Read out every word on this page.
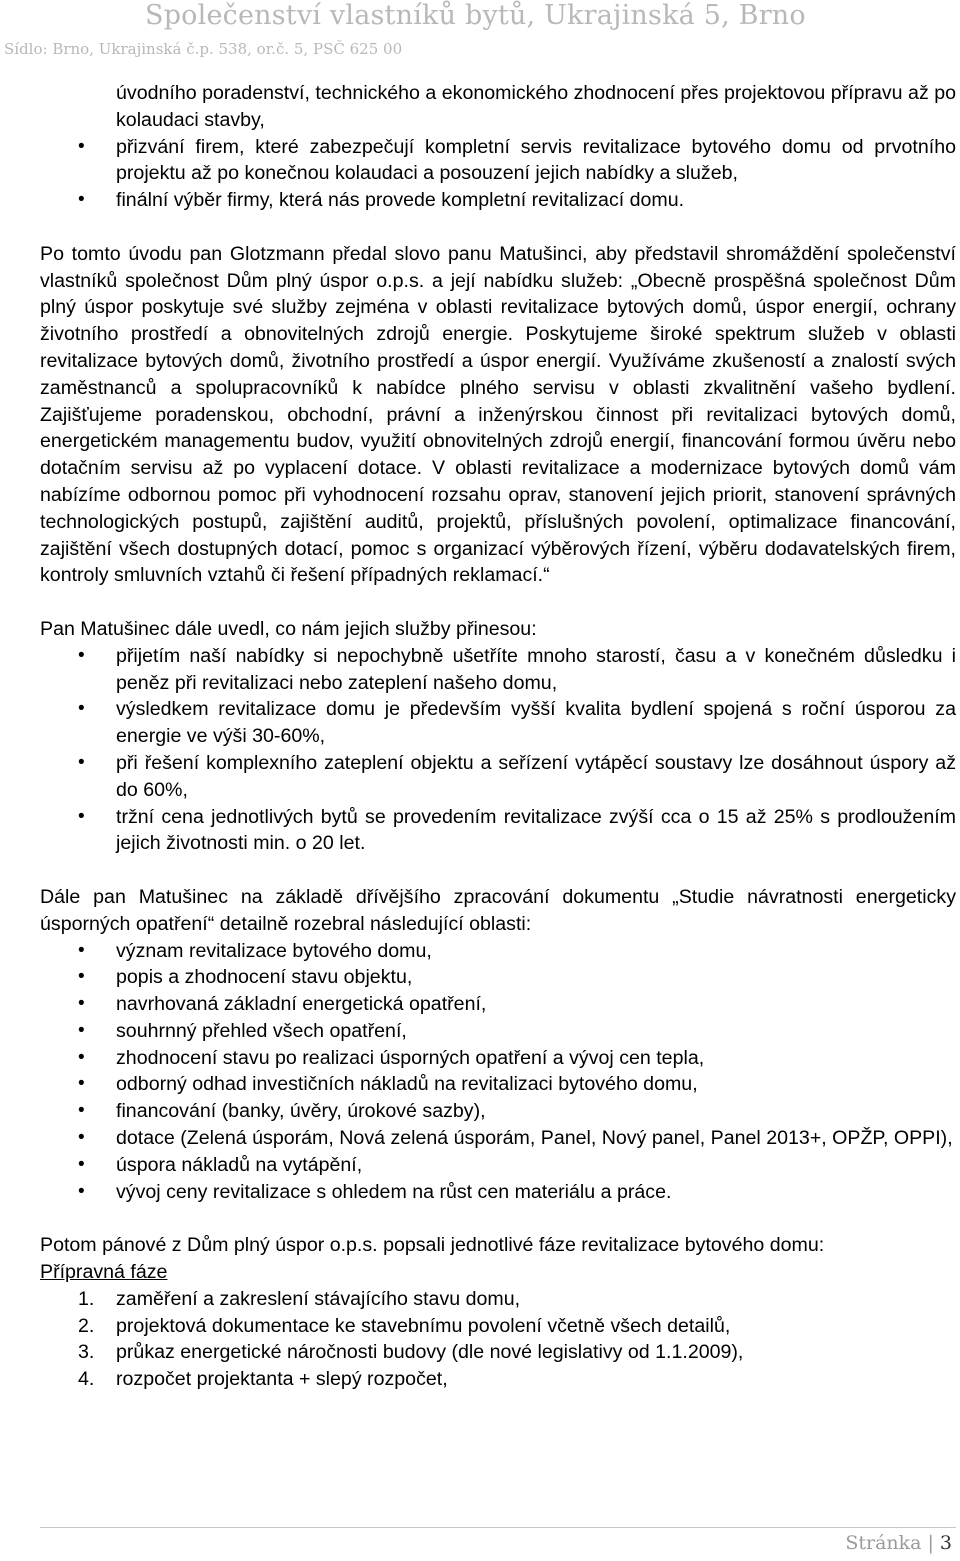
Společenství vlastníků bytů, Ukrajinská 5, Brno
Sídlo: Brno, Ukrajinská č.p. 538, or.č. 5, PSČ 625 00

úvodního poradenství, technického a ekonomického zhodnocení přes projektovou přípravu až po kolaudaci stavby,

• přizvání firem, které zabezpečují kompletní servis revitalizace bytového domu od prvotního projektu až po konečnou kolaudaci a posouzení jejich nabídky a služeb,
• finální výběr firmy, která nás provede kompletní revitalizací domu.

Po tomto úvodu pan Glotzmann předal slovo panu Matušinci, aby představil shromáždění společenství vlastníků společnost Dům plný úspor o.p.s. a její nabídku služeb: „Obecně prospěšná společnost Dům plný úspor poskytuje své služby zejména v oblasti revitalizace bytových domů, úspor energií, ochrany životního prostředí a obnovitelných zdrojů energie. Poskytujeme široké spektrum služeb v oblasti revitalizace bytových domů, životního prostředí a úspor energií. Využíváme zkušeností a znalostí svých zaměstnanců a spolupracovníků k nabídce plného servisu v oblasti zkvalitnění vašeho bydlení. Zajišťujeme poradenskou, obchodní, právní a inženýrskou činnost při revitalizaci bytových domů, energetickém managementu budov, využití obnovitelných zdrojů energií, financování formou úvěru nebo dotačním servisu až po vyplacení dotace. V oblasti revitalizace a modernizace bytových domů vám nabízíme odbornou pomoc při vyhodnocení rozsahu oprav, stanovení jejich priorit, stanovení správných technologických postupů, zajištění auditů, projektů, příslušných povolení, optimalizace financování, zajištění všech dostupných dotací, pomoc s organizací výběrových řízení, výběru dodavatelských firem, kontroly smluvních vztahů či řešení případných reklamací.“

Pan Matušinec dále uvedl, co nám jejich služby přinesou:

• přijetím naší nabídky si nepochybně ušetříte mnoho starostí, času a v konečném důsledku i peněz při revitalizaci nebo zateplení našeho domu,
• výsledkem revitalizace domu je především vyšší kvalita bydlení spojená s roční úsporou za energie ve výši 30-60%,
• při řešení komplexního zateplení objektu a seřízení vytápěcí soustavy lze dosáhnout úspory až do 60%,
• tržní cena jednotlivých bytů se provedením revitalizace zvýší cca o 15 až 25% s prodloužením jejich životnosti min. o 20 let.

Dále pan Matušinec na základě dřívějšího zpracování dokumentu „Studie návratnosti energeticky úsporných opatření“ detailně rozebral následující oblasti:

• význam revitalizace bytového domu,
• popis a zhodnocení stavu objektu,
• navrhovaná základní energetická opatření,
• souhrnný přehled všech opatření,
• zhodnocení stavu po realizaci úsporných opatření a vývoj cen tepla,
• odborný odhad investičních nákladů na revitalizaci bytového domu,
• financování (banky, úvěry, úrokové sazby),
• dotace (Zelená úsporám, Nová zelená úsporám, Panel, Nový panel, Panel 2013+, OPŽP, OPPI),
• úspora nákladů na vytápění,
• vývoj ceny revitalizace s ohledem na růst cen materiálu a práce.

Potom pánové z Dům plný úspor o.p.s. popsali jednotlivé fáze revitalizace bytového domu:

Přípravná fáze

1. zaměření a zakreslení stávajícího stavu domu,
2. projektová dokumentace ke stavebnímu povolení včetně všech detailů,
3. průkaz energetické náročnosti budovy (dle nové legislativy od 1.1.2009),
4. rozpočet projektanta + slepý rozpočet,
Stránka | 3
